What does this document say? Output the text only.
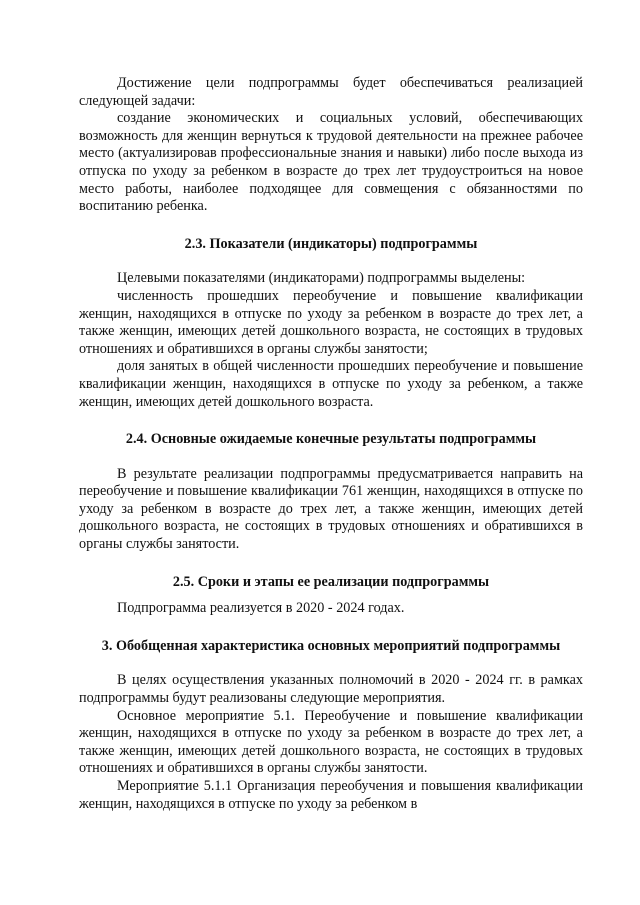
Достижение цели подпрограммы будет обеспечиваться реализацией следующей задачи:

создание экономических и социальных условий, обеспечивающих возможность для женщин вернуться к трудовой деятельности на прежнее рабочее место (актуализировав профессиональные знания и навыки) либо после выхода из отпуска по уходу за ребенком в возрасте до трех лет трудоустроиться на новое место работы, наиболее подходящее для совмещения с обязанностями по воспитанию ребенка.

2.3. Показатели (индикаторы) подпрограммы

Целевыми показателями (индикаторами) подпрограммы выделены:

численность прошедших переобучение и повышение квалификации женщин, находящихся в отпуске по уходу за ребенком в возрасте до трех лет, а также женщин, имеющих детей дошкольного возраста, не состоящих в трудовых отношениях и обратившихся в органы службы занятости;

доля занятых в общей численности прошедших переобучение и повышение квалификации женщин, находящихся в отпуске по уходу за ребенком, а также женщин, имеющих детей дошкольного возраста.

2.4. Основные ожидаемые конечные результаты подпрограммы

В результате реализации подпрограммы предусматривается направить на переобучение и повышение квалификации 761 женщин, находящихся в отпуске по уходу за ребенком в возрасте до трех лет, а также женщин, имеющих детей дошкольного возраста, не состоящих в трудовых отношениях и обратившихся в органы службы занятости.

2.5. Сроки и этапы ее реализации подпрограммы

Подпрограмма реализуется в 2020 - 2024 годах.

3. Обобщенная характеристика основных мероприятий подпрограммы

В целях осуществления указанных полномочий в 2020 - 2024 гг. в рамках подпрограммы будут реализованы следующие мероприятия.

Основное мероприятие 5.1. Переобучение и повышение квалификации женщин, находящихся в отпуске по уходу за ребенком в возрасте до трех лет, а также женщин, имеющих детей дошкольного возраста, не состоящих в трудовых отношениях и обратившихся в органы службы занятости.

Мероприятие 5.1.1 Организация переобучения и повышения квалификации женщин, находящихся в отпуске по уходу за ребенком в
